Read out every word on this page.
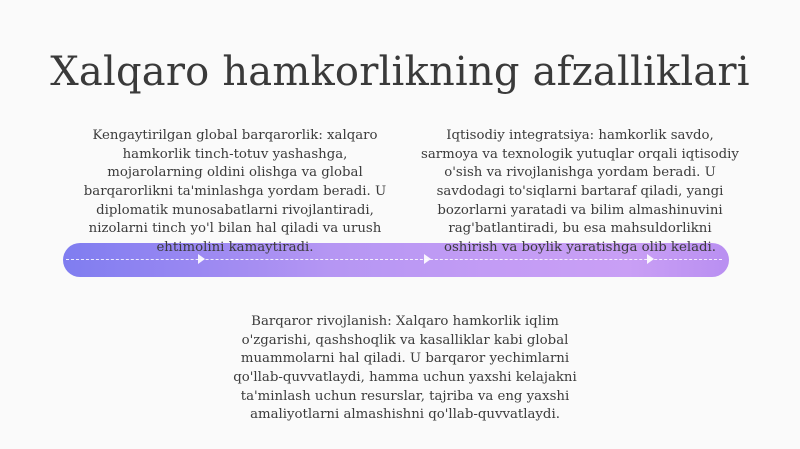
Xalqaro hamkorlikning afzalliklari

Kengaytirilgan global barqarorlik: xalqaro hamkorlik tinch-totuv yashashga, mojarolarning oldini olishga va global barqarorlikni ta'minlashga yordam beradi. U diplomatik munosabatlarni rivojlantiradi, nizolarni tinch yo'l bilan hal qiladi va urush ehtimolini kamaytiradi.

Iqtisodiy integratsiya: hamkorlik savdo, sarmoya va texnologik yutuqlar orqali iqtisodiy o'sish va rivojlanishga yordam beradi. U savdodagi to'siqlarni bartaraf qiladi, yangi bozorlarni yaratadi va bilim almashinuvini rag'batlantiradi, bu esa mahsuldorlikni oshirish va boylik yaratishga olib keladi.

Barqaror rivojlanish: Xalqaro hamkorlik iqlim o'zgarishi, qashshoqlik va kasalliklar kabi global muammolarni hal qiladi. U barqaror yechimlarni qo'llab-quvvatlaydi, hamma uchun yaxshi kelajakni ta'minlash uchun resurslar, tajriba va eng yaxshi amaliyotlarni almashishni qo'llab-quvvatlaydi.
